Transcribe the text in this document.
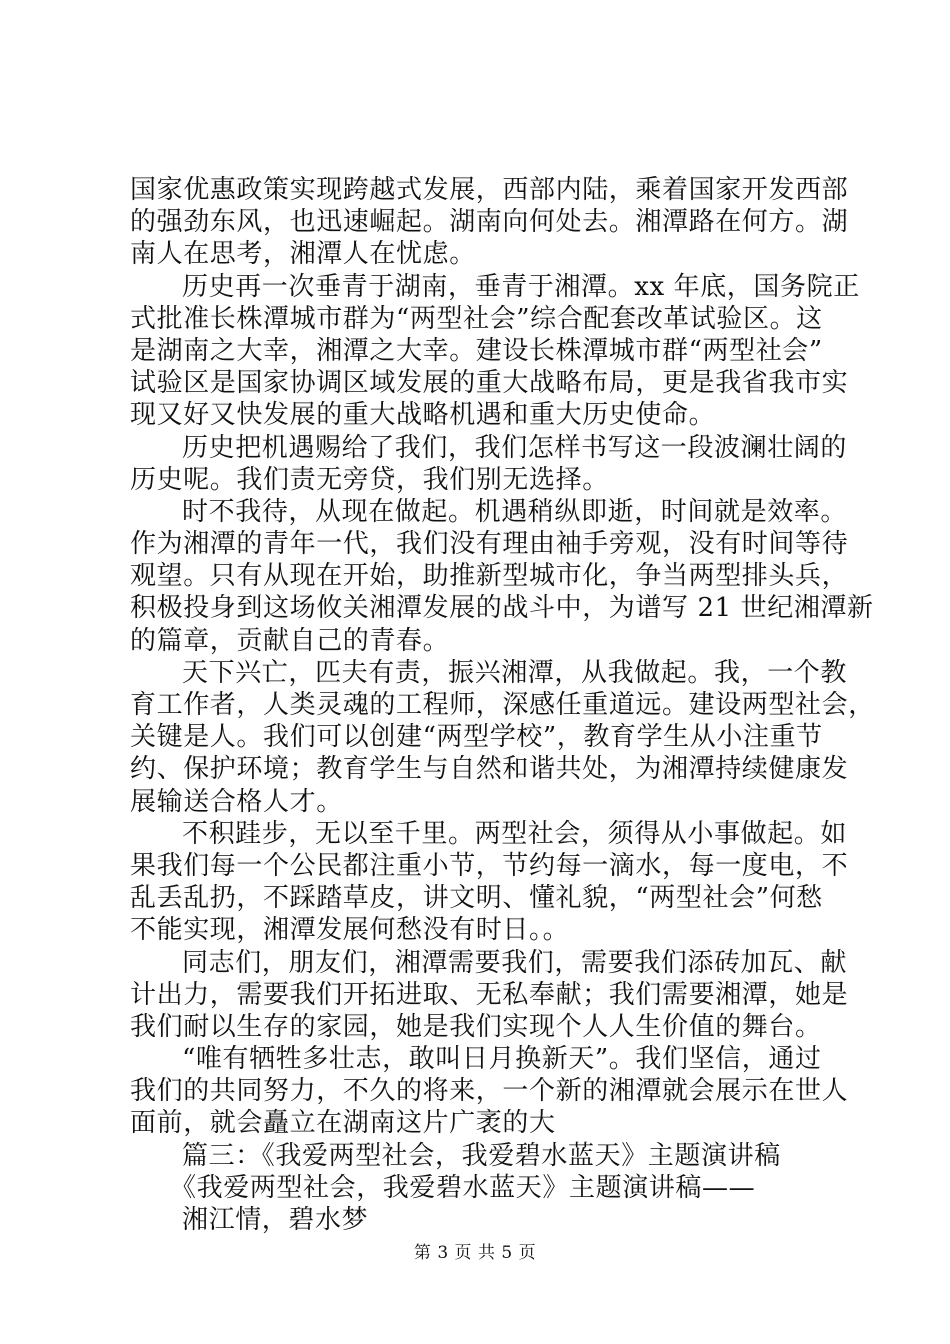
国家优惠政策实现跨越式发展，西部内陆，乘着国家开发西部
的强劲东风，也迅速崛起。湖南向何处去。湘潭路在何方。湖
南人在思考，湘潭人在忧虑。
历史再一次垂青于湖南，垂青于湘潭。xx 年底，国务院正
式批准长株潭城市群为“两型社会”综合配套改革试验区。这
是湖南之大幸，湘潭之大幸。建设长株潭城市群“两型社会”
试验区是国家协调区域发展的重大战略布局，更是我省我市实
现又好又快发展的重大战略机遇和重大历史使命。
历史把机遇赐给了我们，我们怎样书写这一段波澜壮阔的
历史呢。我们责无旁贷，我们别无选择。
时不我待，从现在做起。机遇稍纵即逝，时间就是效率。
作为湘潭的青年一代，我们没有理由袖手旁观，没有时间等待
观望。只有从现在开始，助推新型城市化，争当两型排头兵，
积极投身到这场攸关湘潭发展的战斗中，为谱写 21 世纪湘潭新
的篇章，贡献自己的青春。
天下兴亡，匹夫有责，振兴湘潭，从我做起。我，一个教
育工作者，人类灵魂的工程师，深感任重道远。建设两型社会，
关键是人。我们可以创建“两型学校”，教育学生从小注重节
约、保护环境；教育学生与自然和谐共处，为湘潭持续健康发
展输送合格人才。
不积跬步，无以至千里。两型社会，须得从小事做起。如
果我们每一个公民都注重小节，节约每一滴水，每一度电，不
乱丢乱扔，不踩踏草皮，讲文明、懂礼貌，“两型社会”何愁
不能实现，湘潭发展何愁没有时日。。
同志们，朋友们，湘潭需要我们，需要我们添砖加瓦、献
计出力，需要我们开拓进取、无私奉献；我们需要湘潭，她是
我们耐以生存的家园，她是我们实现个人人生价值的舞台。
“唯有牺牲多壮志，敢叫日月换新天”。我们坚信，通过
我们的共同努力，不久的将来，一个新的湘潭就会展示在世人
面前，就会矗立在湖南这片广袤的大
篇三：《我爱两型社会，我爱碧水蓝天》主题演讲稿
《我爱两型社会，我爱碧水蓝天》主题演讲稿——
湘江情，碧水梦
第 3 页 共 5 页
